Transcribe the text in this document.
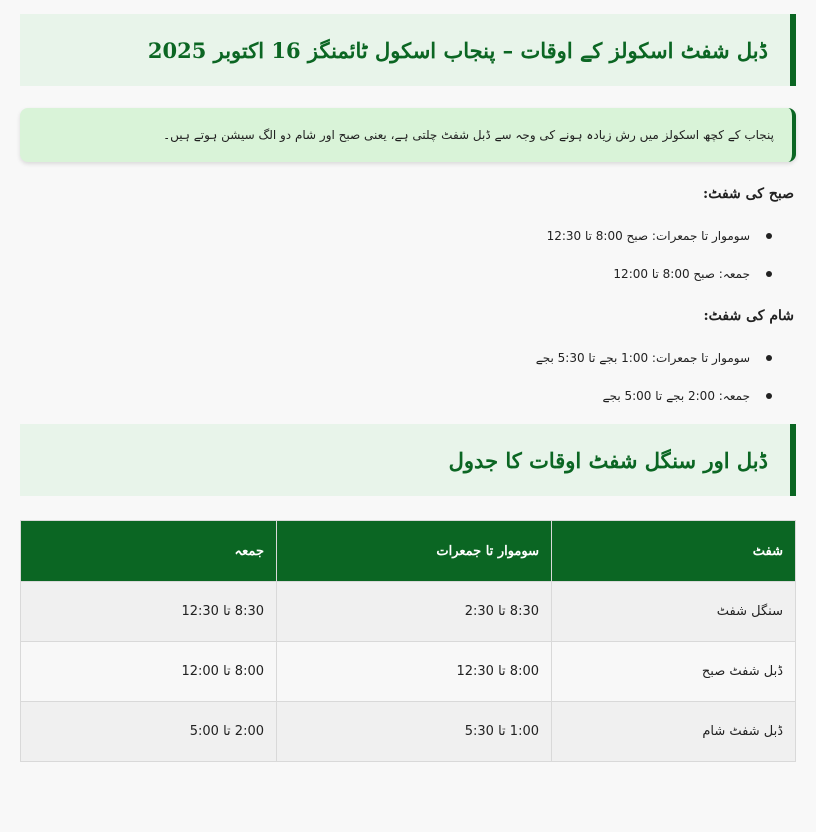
ڈبل شفٹ اسکولز کے اوقات – پنجاب اسکول ٹائمنگز 16 اکتوبر 2025
پنجاب کے کچھ اسکولز میں رش زیادہ ہونے کی وجہ سے ڈبل شفٹ چلتی ہے، یعنی صبح اور شام دو الگ سیشن ہوتے ہیں۔

صبح کی شفٹ:

سوموار تا جمعرات: صبح 8:00 تا 12:30
جمعہ: صبح 8:00 تا 12:00

شام کی شفٹ:

سوموار تا جمعرات: 1:00 بجے تا 5:30 بجے
جمعہ: 2:00 بجے تا 5:00 بجے
ڈبل اور سنگل شفٹ اوقات کا جدول
شفٹ	سوموار تا جمعرات	جمعہ
سنگل شفٹ	8:30 تا 2:30	8:30 تا 12:30
ڈبل شفٹ صبح	8:00 تا 12:30	8:00 تا 12:00
ڈبل شفٹ شام	1:00 تا 5:30	2:00 تا 5:00
